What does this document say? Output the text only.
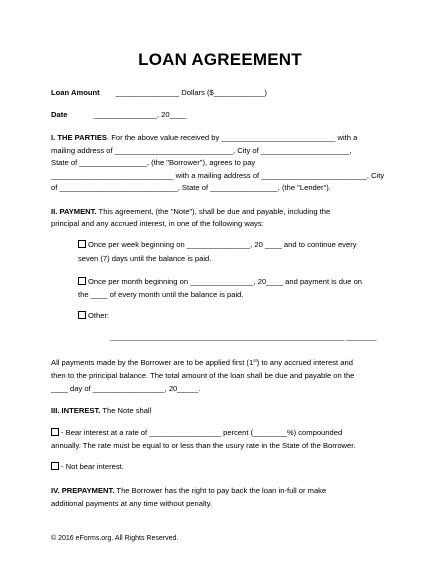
LOAN AGREEMENT
Loan Amount _______________ Dollars ($____________)
Date	_______________, 20____
I. THE PARTIES. For the above value received by ___________________________ with a
mailing address of ____________________________, City of _____________________,
State of ________________, (the "Borrower"), agrees to pay
_____________________________ with a mailing address of _________________________, City
of ____________________________, State of ________________, (the "Lender").
II. PAYMENT. This agreement, (the "Note"), shall be due and payable, including the
principal and any accrued interest, in one of the following ways:
Once per week beginning on _______________, 20 ____ and to continue every
seven (7) days until the balance is paid.
Once per month beginning on _______________, 20____ and payment is due on
the ____ of every month until the balance is paid.
Other:
______________________________________________________________ ________
All payments made by the Borrower are to be applied first (1st) to any accrued interest and
then to the principal balance. The total amount of the loan shall be due and payable on the
____ day of _________________, 20_____.
III. INTEREST. The Note shall
- Bear interest at a rate of _________________ percent (________%) compounded
annually. The rate must be equal to or less than the usury rate in the State of the Borrower.
- Not bear interest.
IV. PREPAYMENT. The Borrower has the right to pay back the loan in-full or make
additional payments at any time without penalty.
© 2016 eForms.org. All Rights Reserved.
